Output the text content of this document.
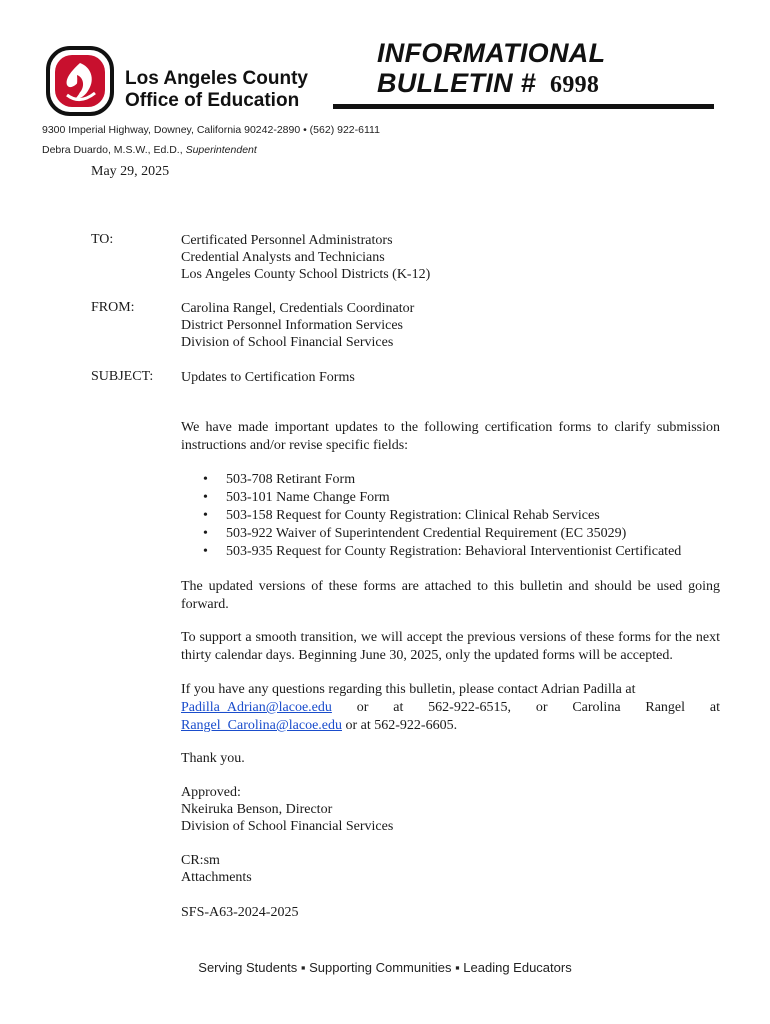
Los Angeles County
Office of Education
INFORMATIONAL
BULLETIN # 6998
9300 Imperial Highway, Downey, California 90242-2890 • (562) 922-6111
Debra Duardo, M.S.W., Ed.D., Superintendent
May 29, 2025
TO:	Certificated Personnel Administrators
Credential Analysts and Technicians
Los Angeles County School Districts (K-12)
FROM:	Carolina Rangel, Credentials Coordinator
District Personnel Information Services
Division of School Financial Services
SUBJECT: Updates to Certification Forms
We have made important updates to the following certification forms to clarify submission instructions and/or revise specific fields:
• 503-708 Retirant Form
• 503-101 Name Change Form
• 503-158 Request for County Registration: Clinical Rehab Services
• 503-922 Waiver of Superintendent Credential Requirement (EC 35029)
• 503-935 Request for County Registration: Behavioral Interventionist Certificated
The updated versions of these forms are attached to this bulletin and should be used going forward.
To support a smooth transition, we will accept the previous versions of these forms for the next thirty calendar days. Beginning June 30, 2025, only the updated forms will be accepted.
If you have any questions regarding this bulletin, please contact Adrian Padilla at
Padilla_Adrian@lacoe.edu or at 562-922-6515, or Carolina Rangel at
Rangel_Carolina@lacoe.edu or at 562-922-6605.
Thank you.
Approved:
Nkeiruka Benson, Director
Division of School Financial Services
CR:sm
Attachments
SFS-A63-2024-2025
Serving Students ▪ Supporting Communities ▪ Leading Educators
